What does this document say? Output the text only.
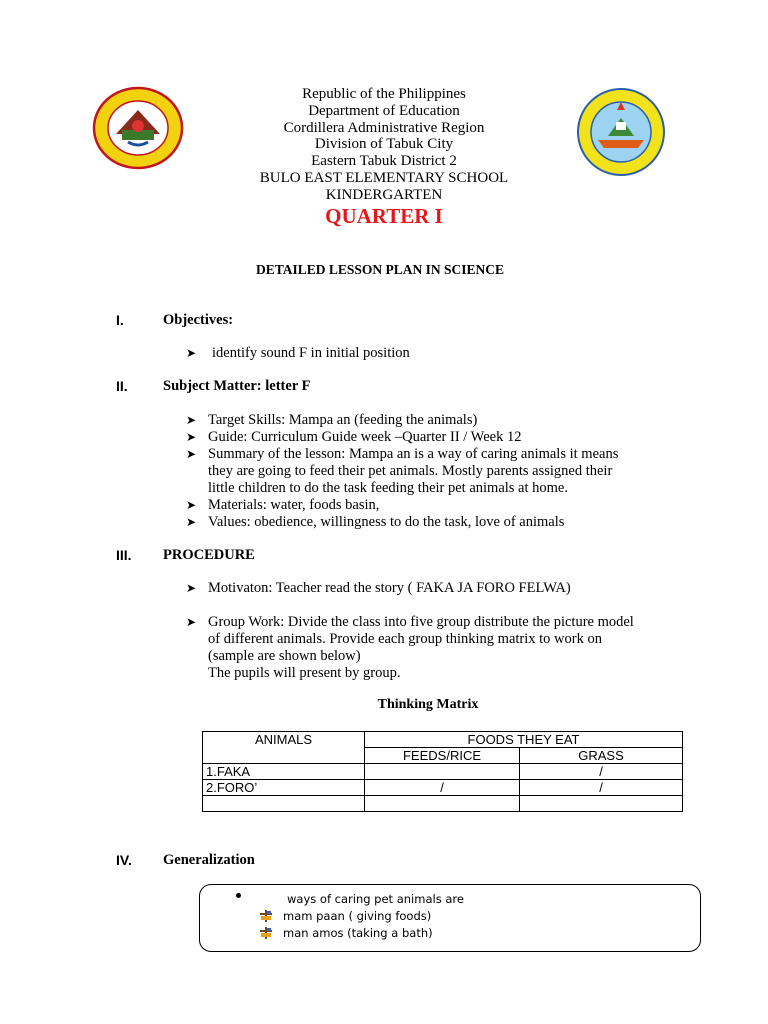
Republic of the Philippines
Department of Education
Cordillera Administrative Region
Division of Tabuk City
Eastern Tabuk District 2
BULO EAST ELEMENTARY SCHOOL
KINDERGARTEN
QUARTER I
DETAILED LESSON PLAN IN SCIENCE
I.	Objectives:
➤ identify sound F in initial position
II. Subject Matter: letter F
➤ Target Skills: Mampa an (feeding the animals)
➤ Guide: Curriculum Guide week –Quarter II / Week 12
➤ Summary of the lesson: Mampa an is a way of caring animals it means
they are going to feed their pet animals. Mostly parents assigned their
little children to do the task feeding their pet animals at home.
➤ Materials: water, foods basin,
➤ Values: obedience, willingness to do the task, love of animals
III. PROCEDURE
➤ Motivaton: Teacher read the story ( FAKA JA FORO FELWA)
➤ Group Work: Divide the class into five group distribute the picture model
of different animals. Provide each group thinking matrix to work on
(sample are shown below)
The pupils will present by group.
Thinking Matrix
ANIMALS	FOODS THEY EAT	
	FEEDS/RICE	GRASS
1.FAKA		/
2.FORO’	/	/

IV. Generalization
ways of caring pet animals are
mam paan ( giving foods)
man amos (taking a bath)
